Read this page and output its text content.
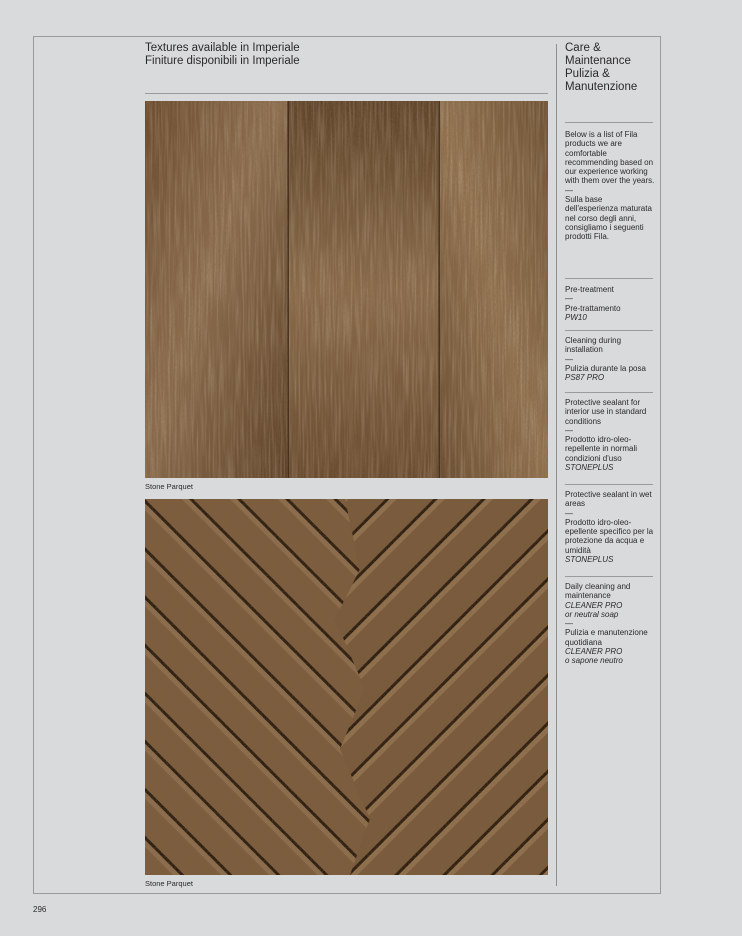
Textures available in Imperiale
Finiture disponibili in Imperiale
Stone Parquet
Stone Parquet
Care &
Maintenance
Pulizia &
Manutenzione
Below is a list of Fila products we are comfortable recommending based on our experience working with them over the years.
—
Sulla base dell'esperienza maturata nel corso degli anni, consigliamo i seguenti prodotti Fila.
Pre-treatment
—
Pre-trattamento
PW10
Cleaning during installation
—
Pulizia durante la posa
PS87 PRO
Protective sealant for interior use in standard conditions
—
Prodotto idro-oleo-repellente in normali condizioni d'uso
STONEPLUS
Protective sealant in wet areas
—
Prodotto idro-oleo-epellente specifico per la protezione da acqua e umidità
STONEPLUS
Daily cleaning and maintenance
CLEANER PRO
or neutral soap
—
Pulizia e manutenzione quotidiana
CLEANER PRO
o sapone neutro
296
